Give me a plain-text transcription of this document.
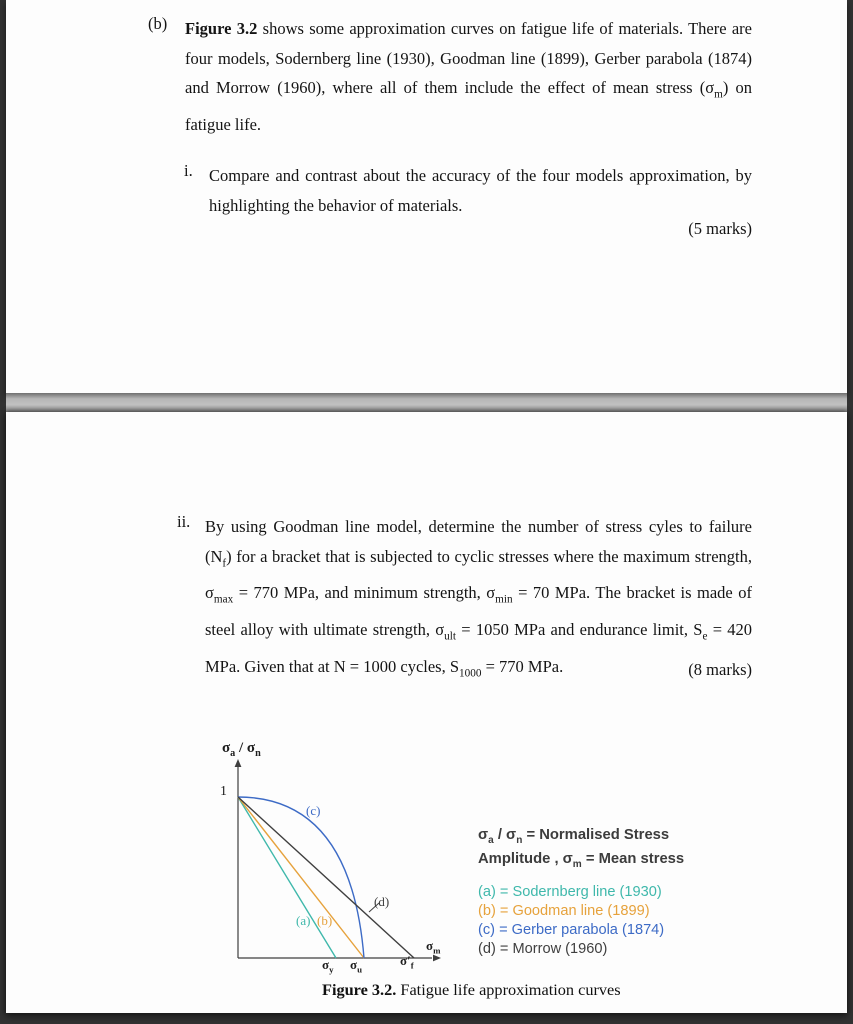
(b) Figure 3.2 shows some approximation curves on fatigue life of materials. There are four models, Sodernberg line (1930), Goodman line (1899), Gerber parabola (1874) and Morrow (1960), where all of them include the effect of mean stress $(\sigma_m)$ on fatigue life.
i. Compare and contrast about the accuracy of the four models approximation, by highlighting the behavior of materials.
(5 marks)
ii. By using Goodman line model, determine the number of stress cyles to failure $(N_f)$ for a bracket that is subjected to cyclic stresses where the maximum strength, $\sigma_{max} = 770$ MPa, and minimum strength, $\sigma_{min} = 70$ MPa. The bracket is made of steel alloy with ultimate strength, $\sigma_{ult} = 1050$ MPa and endurance limit, $S_e = 420$ MPa. Given that at N = 1000 cycles, $S_{1000} = 770$ MPa.	(8 marks)
$\sigma_a / \sigma_n$
1
(c)
(d)
(a) (b)
$\sigma_y$ $\sigma_u$
$\sigma'_f$
$\sigma_m$
$\sigma_a / \sigma_n$ = Normalised Stress
Amplitude , $\sigma_m$ = Mean stress
(a) = Sodernberg line (1930)
(b) = Goodman line (1899)
(c) = Gerber parabola (1874)
(d) = Morrow (1960)
Figure 3.2. Fatigue life approximation curves
